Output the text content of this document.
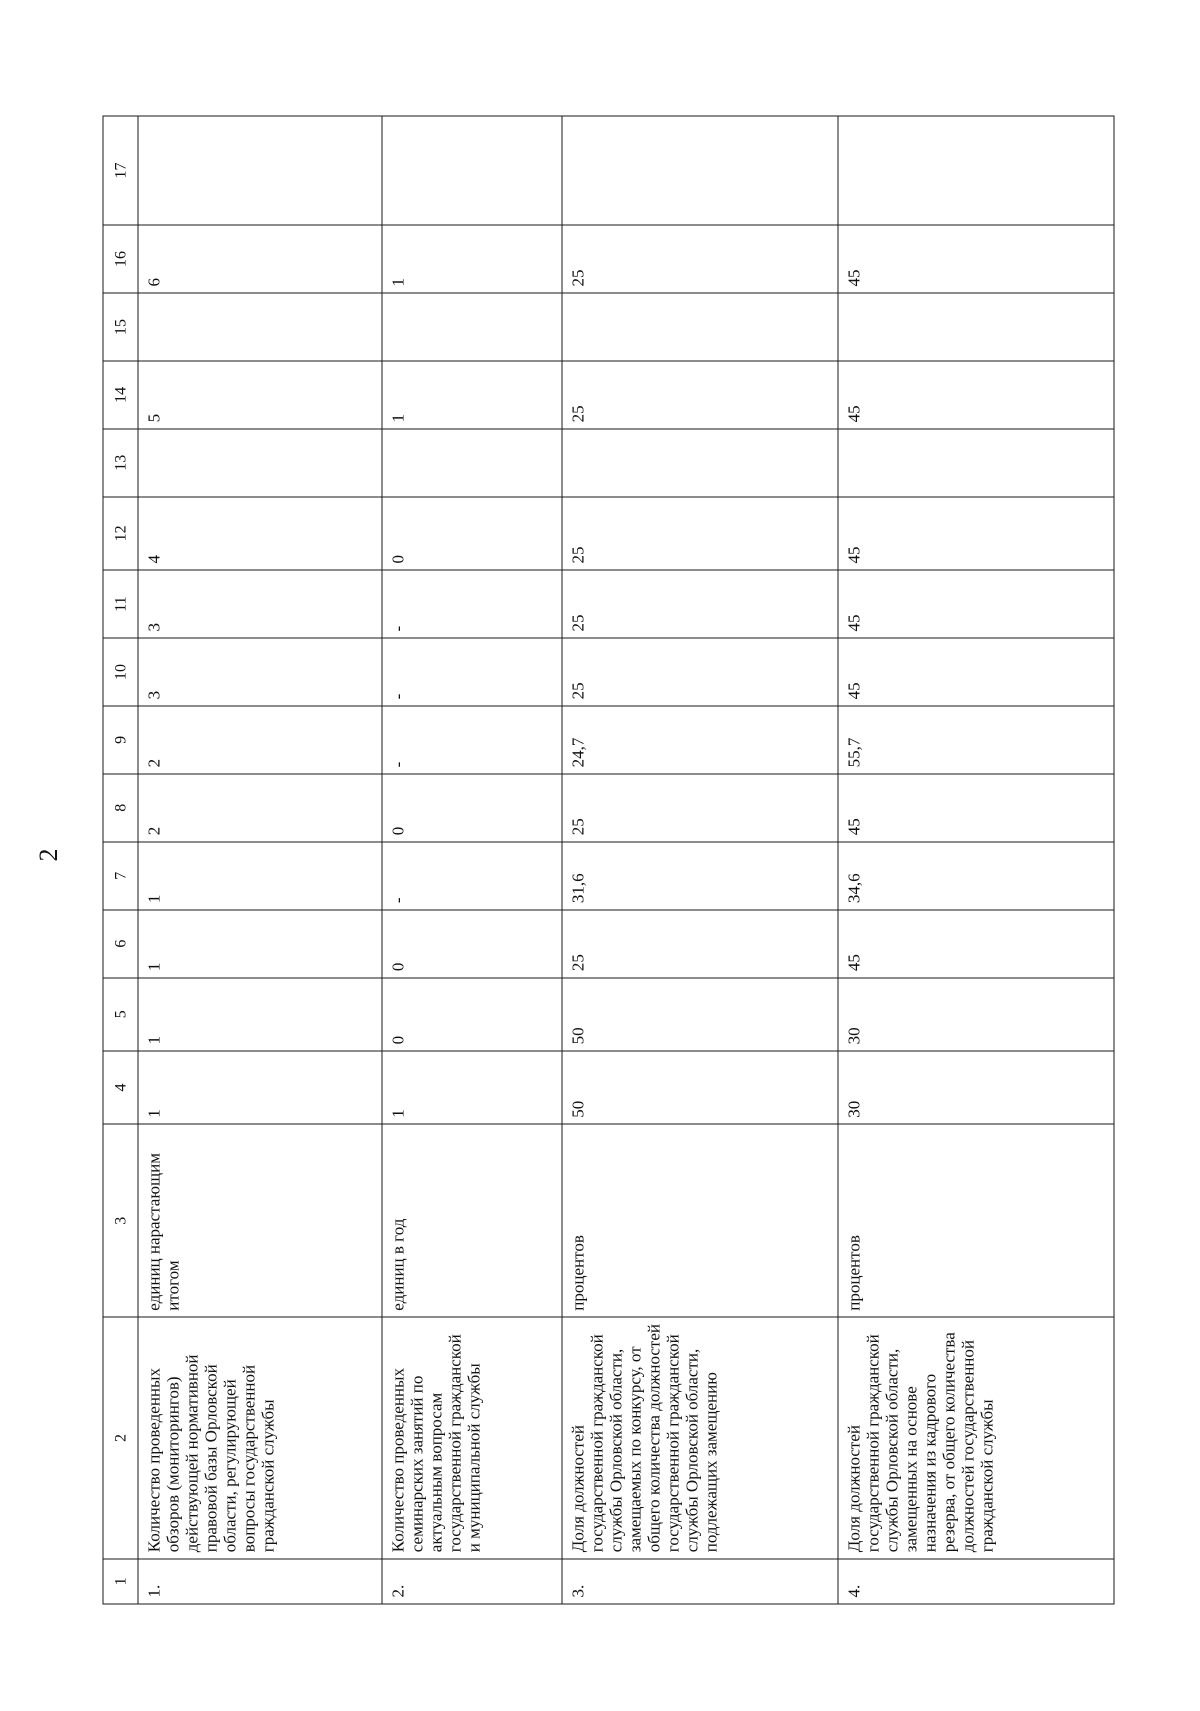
2
1	2	3	4	5	6	7	8	9	10	11	12	13	14	15	16	17
1.	Количество проведенных обзоров (мониторингов) действующей нормативной правовой базы Орловской области, регулирующей вопросы государственной гражданской службы	единиц нарастающим итогом	1	1	1	1	2	2	3	3	4		5		6	
2.	Количество проведенных семинарских занятий по актуальным вопросам государственной гражданской и муниципальной службы	единиц в год	1	0	0	-	0	-	-	-	0		1		1	
3.	Доля должностей государственной гражданской службы Орловской области, замещаемых по конкурсу, от общего количества должностей государственной гражданской службы Орловской области, подлежащих замещению	процентов	50	50	25	31,6	25	24,7	25	25	25		25		25	
4.	Доля должностей государственной гражданской службы Орловской области, замещенных на основе назначения из кадрового резерва, от общего количества должностей государственной гражданской службы	процентов	30	30	45	34,6	45	55,7	45	45	45		45		45	
